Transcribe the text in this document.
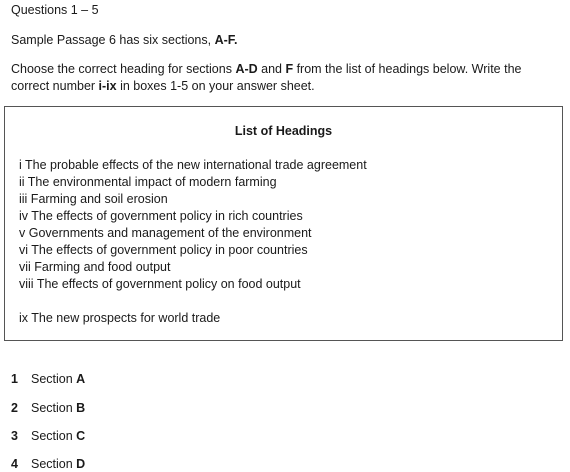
Questions 1 – 5
Sample Passage 6 has six sections, A-F.
Choose the correct heading for sections A-D and F from the list of headings below. Write the correct number i-ix in boxes 1-5 on your answer sheet.
List of Headings
i The probable effects of the new international trade agreement
ii The environmental impact of modern farming
iii Farming and soil erosion
iv The effects of government policy in rich countries
v Governments and management of the environment
vi The effects of government policy in poor countries
vii Farming and food output
viii The effects of government policy on food output
ix The new prospects for world trade
1 Section A
2 Section B
3 Section C
4 Section D
